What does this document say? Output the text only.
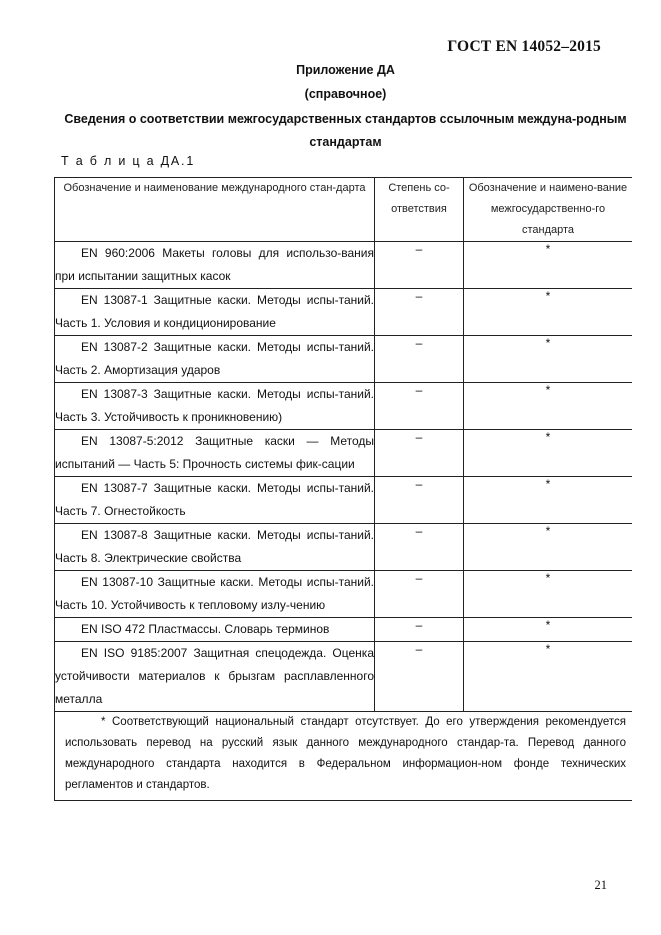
ГОСТ EN 14052–2015
Приложение ДА
(справочное)
Сведения о соответствии межгосударственных стандартов ссылочным междуна-родным стандартам
Т а б л и ц а ДА.1
Обозначение и наименование международного стан-дарта	Степень со-ответствия	Обозначение и наимено-вание межгосударственно-го стандарта
EN 960:2006 Макеты головы для использо-вания при испытании защитных касок	–	*
EN 13087-1 Защитные каски. Методы испы-таний. Часть 1. Условия и кондиционирование	–	*
EN 13087-2 Защитные каски. Методы испы-таний. Часть 2. Амортизация ударов	–	*
EN 13087-3 Защитные каски. Методы испы-таний. Часть 3. Устойчивость к проникновению)	–	*
EN 13087-5:2012 Защитные каски — Методы испытаний — Часть 5: Прочность системы фик-сации	–	*
EN 13087-7 Защитные каски. Методы испы-таний. Часть 7. Огнестойкость	–	*
EN 13087-8 Защитные каски. Методы испы-таний. Часть 8. Электрические свойства	–	*
EN 13087-10 Защитные каски. Методы испы-таний. Часть 10. Устойчивость к тепловому излу-чению	–	*
EN ISO 472 Пластмассы. Словарь терминов	–	*
EN ISO 9185:2007 Защитная спецодежда. Оценка устойчивости материалов к брызгам расплавленного металла	–	*
* Соответствующий национальный стандарт отсутствует. До его утверждения рекомендуется использовать перевод на русский язык данного международного стандар-та. Перевод данного международного стандарта находится в Федеральном информацион-ном фонде технических регламентов и стандартов.		
21
